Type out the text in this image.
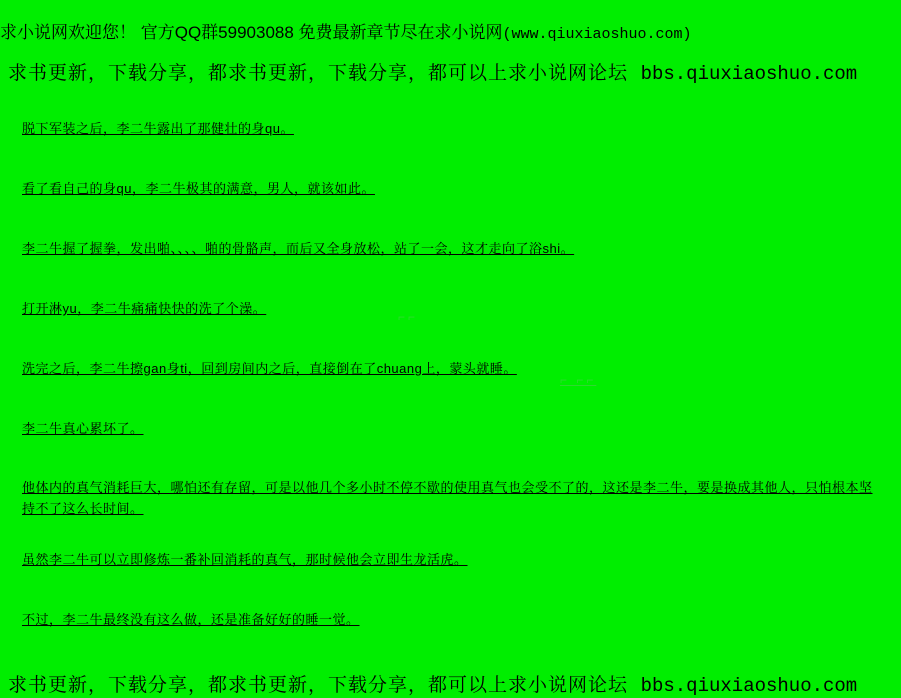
求小说网欢迎您！ 官方QQ群59903088 免费最新章节尽在求小说网(www.qiuxiaoshuo.com)
求书更新，下载分享，都求书更新，下载分享，都可以上求小说网论坛 bbs.qiuxiaoshuo.com

脱下军装之后，李二牛露出了那健壮的身qu。

看了看自己的身qu，李二牛极其的满意，男人，就该如此。

李二牛握了握拳，发出啪、、、、啪的骨骼声，而后又全身放松，站了一会，这才走向了浴shi。

打开淋yu，李二牛痛痛快快的洗了个澡。

洗完之后，李二牛擦gan身ti，回到房间内之后，直接倒在了chuang上，蒙头就睡。

李二牛真心累坏了。

他体内的真气消耗巨大，哪怕还有存留，可是以他几个多小时不停不歇的使用真气也会受不了的，这还是李二牛，要是换成其他人，只怕根本坚持不了这么长时间。

虽然李二牛可以立即修炼一番补回消耗的真气，那时候他会立即生龙活虎。

不过，李二牛最终没有这么做，还是准备好好的睡一觉。

⌐⌐
⌐ ⌐⌐
求书更新，下载分享，都求书更新，下载分享，都可以上求小说网论坛 bbs.qiuxiaoshuo.com
